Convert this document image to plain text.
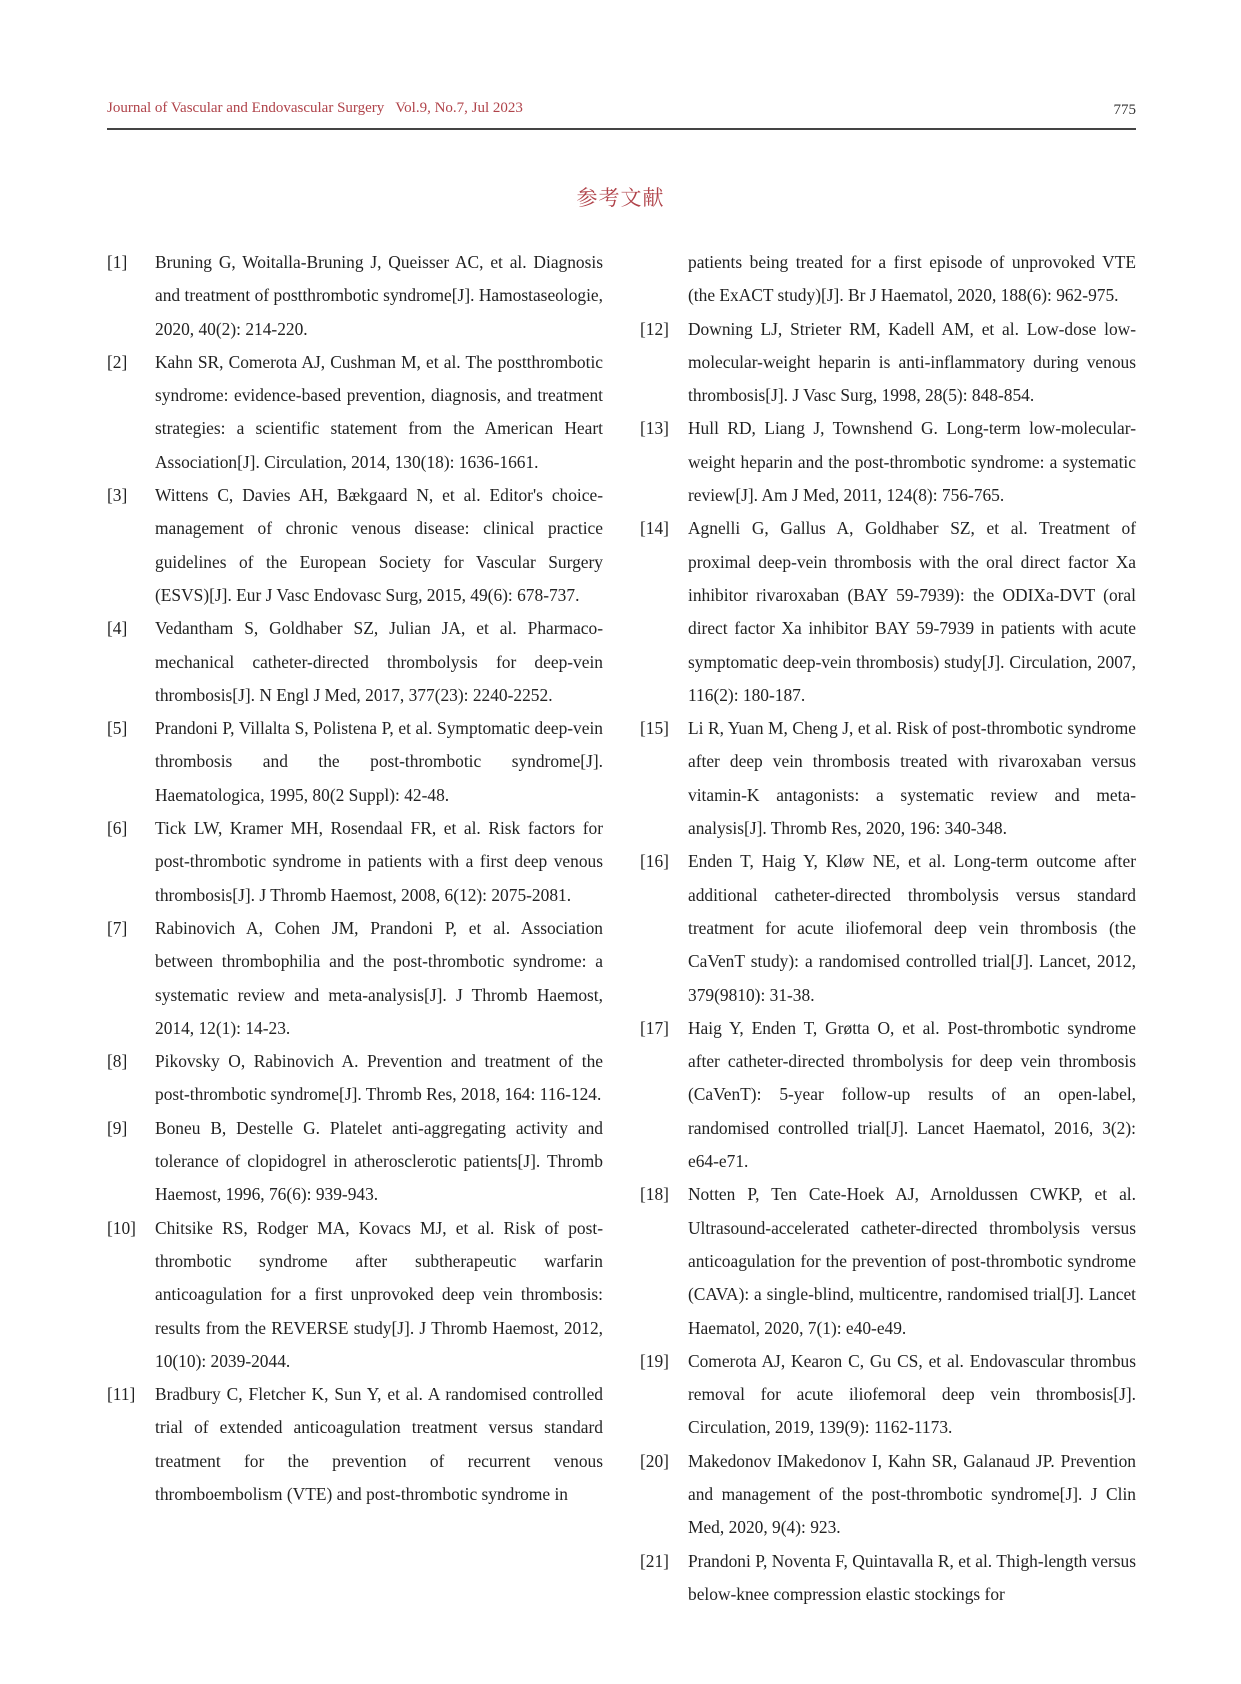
Journal of Vascular and Endovascular Surgery   Vol.9, No.7, Jul 2023	775
参考文献
[1] Bruning G, Woitalla-Bruning J, Queisser AC, et al. Diagnosis and treatment of postthrombotic syndrome[J]. Hamostaseologie, 2020, 40(2): 214-220.
[2] Kahn SR, Comerota AJ, Cushman M, et al. The postthrombotic syndrome: evidence-based prevention, diagnosis, and treatment strategies: a scientific statement from the American Heart Association[J]. Circulation, 2014, 130(18): 1636-1661.
[3] Wittens C, Davies AH, Bækgaard N, et al. Editor's choice-management of chronic venous disease: clinical practice guidelines of the European Society for Vascular Surgery (ESVS)[J]. Eur J Vasc Endovasc Surg, 2015, 49(6): 678-737.
[4] Vedantham S, Goldhaber SZ, Julian JA, et al. Pharmaco-mechanical catheter-directed thrombolysis for deep-vein thrombosis[J]. N Engl J Med, 2017, 377(23): 2240-2252.
[5] Prandoni P, Villalta S, Polistena P, et al. Symptomatic deep-vein thrombosis and the post-thrombotic syndrome[J]. Haematologica, 1995, 80(2 Suppl): 42-48.
[6] Tick LW, Kramer MH, Rosendaal FR, et al. Risk factors for post-thrombotic syndrome in patients with a first deep venous thrombosis[J]. J Thromb Haemost, 2008, 6(12): 2075-2081.
[7] Rabinovich A, Cohen JM, Prandoni P, et al. Association between thrombophilia and the post-thrombotic syndrome: a systematic review and meta-analysis[J]. J Thromb Haemost, 2014, 12(1): 14-23.
[8] Pikovsky O, Rabinovich A. Prevention and treatment of the post-thrombotic syndrome[J]. Thromb Res, 2018, 164: 116-124.
[9] Boneu B, Destelle G. Platelet anti-aggregating activity and tolerance of clopidogrel in atherosclerotic patients[J]. Thromb Haemost, 1996, 76(6): 939-943.
[10] Chitsike RS, Rodger MA, Kovacs MJ, et al. Risk of post-thrombotic syndrome after subtherapeutic warfarin anticoagulation for a first unprovoked deep vein thrombosis: results from the REVERSE study[J]. J Thromb Haemost, 2012, 10(10): 2039-2044.
[11] Bradbury C, Fletcher K, Sun Y, et al. A randomised controlled trial of extended anticoagulation treatment versus standard treatment for the prevention of recurrent venous thromboembolism (VTE) and post-thrombotic syndrome in
patients being treated for a first episode of unprovoked VTE (the ExACT study)[J]. Br J Haematol, 2020, 188(6): 962-975.
[12] Downing LJ, Strieter RM, Kadell AM, et al. Low-dose low-molecular-weight heparin is anti-inflammatory during venous thrombosis[J]. J Vasc Surg, 1998, 28(5): 848-854.
[13] Hull RD, Liang J, Townshend G. Long-term low-molecular-weight heparin and the post-thrombotic syndrome: a systematic review[J]. Am J Med, 2011, 124(8): 756-765.
[14] Agnelli G, Gallus A, Goldhaber SZ, et al. Treatment of proximal deep-vein thrombosis with the oral direct factor Xa inhibitor rivaroxaban (BAY 59-7939): the ODIXa-DVT (oral direct factor Xa inhibitor BAY 59-7939 in patients with acute symptomatic deep-vein thrombosis) study[J]. Circulation, 2007, 116(2): 180-187.
[15] Li R, Yuan M, Cheng J, et al. Risk of post-thrombotic syndrome after deep vein thrombosis treated with rivaroxaban versus vitamin-K antagonists: a systematic review and meta-analysis[J]. Thromb Res, 2020, 196: 340-348.
[16] Enden T, Haig Y, Kløw NE, et al. Long-term outcome after additional catheter-directed thrombolysis versus standard treatment for acute iliofemoral deep vein thrombosis (the CaVenT study): a randomised controlled trial[J]. Lancet, 2012, 379(9810): 31-38.
[17] Haig Y, Enden T, Grøtta O, et al. Post-thrombotic syndrome after catheter-directed thrombolysis for deep vein thrombosis (CaVenT): 5-year follow-up results of an open-label, randomised controlled trial[J]. Lancet Haematol, 2016, 3(2): e64-e71.
[18] Notten P, Ten Cate-Hoek AJ, Arnoldussen CWKP, et al. Ultrasound-accelerated catheter-directed thrombolysis versus anticoagulation for the prevention of post-thrombotic syndrome (CAVA): a single-blind, multicentre, randomised trial[J]. Lancet Haematol, 2020, 7(1): e40-e49.
[19] Comerota AJ, Kearon C, Gu CS, et al. Endovascular thrombus removal for acute iliofemoral deep vein thrombosis[J]. Circulation, 2019, 139(9): 1162-1173.
[20] Makedonov IMakedonov I, Kahn SR, Galanaud JP. Prevention and management of the post-thrombotic syndrome[J]. J Clin Med, 2020, 9(4): 923.
[21] Prandoni P, Noventa F, Quintavalla R, et al. Thigh-length versus below-knee compression elastic stockings for
